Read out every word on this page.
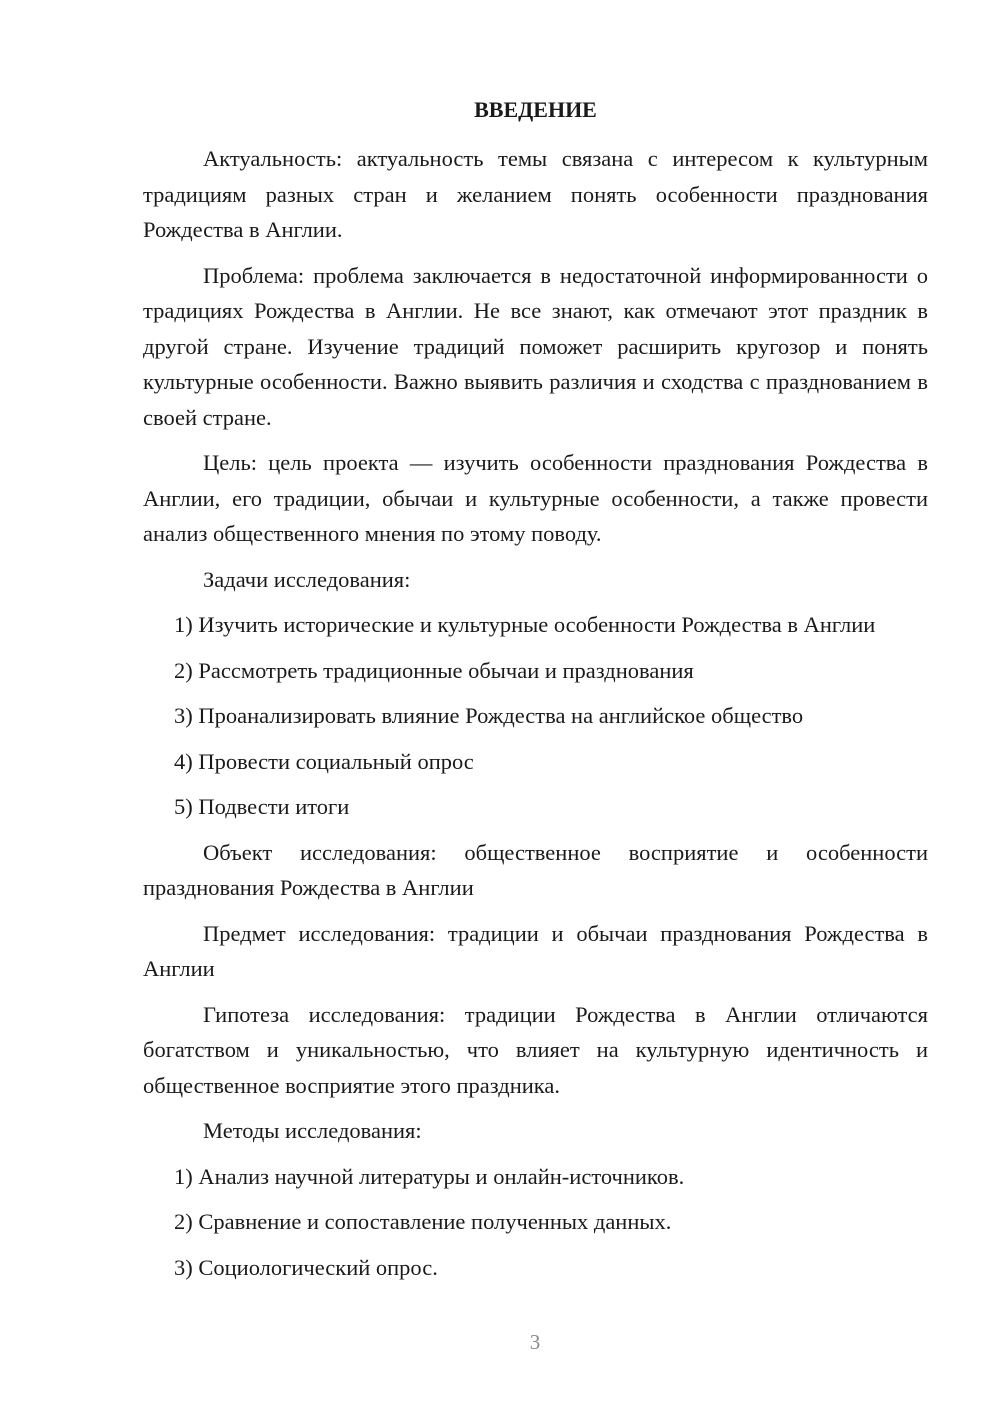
ВВЕДЕНИЕ
Актуальность: актуальность темы связана с интересом к культурным традициям разных стран и желанием понять особенности празднования Рождества в Англии.
Проблема: проблема заключается в недостаточной информированности о традициях Рождества в Англии. Не все знают, как отмечают этот праздник в другой стране. Изучение традиций поможет расширить кругозор и понять культурные особенности. Важно выявить различия и сходства с празднованием в своей стране.
Цель: цель проекта — изучить особенности празднования Рождества в Англии, его традиции, обычаи и культурные особенности, а также провести анализ общественного мнения по этому поводу.
Задачи исследования:
1) Изучить исторические и культурные особенности Рождества в Англии
2) Рассмотреть традиционные обычаи и празднования
3) Проанализировать влияние Рождества на английское общество
4) Провести социальный опрос
5) Подвести итоги
Объект исследования: общественное восприятие и особенности празднования Рождества в Англии
Предмет исследования: традиции и обычаи празднования Рождества в Англии
Гипотеза исследования: традиции Рождества в Англии отличаются богатством и уникальностью, что влияет на культурную идентичность и общественное восприятие этого праздника.
Методы исследования:
1) Анализ научной литературы и онлайн-источников.
2) Сравнение и сопоставление полученных данных.
3) Социологический опрос.
3
